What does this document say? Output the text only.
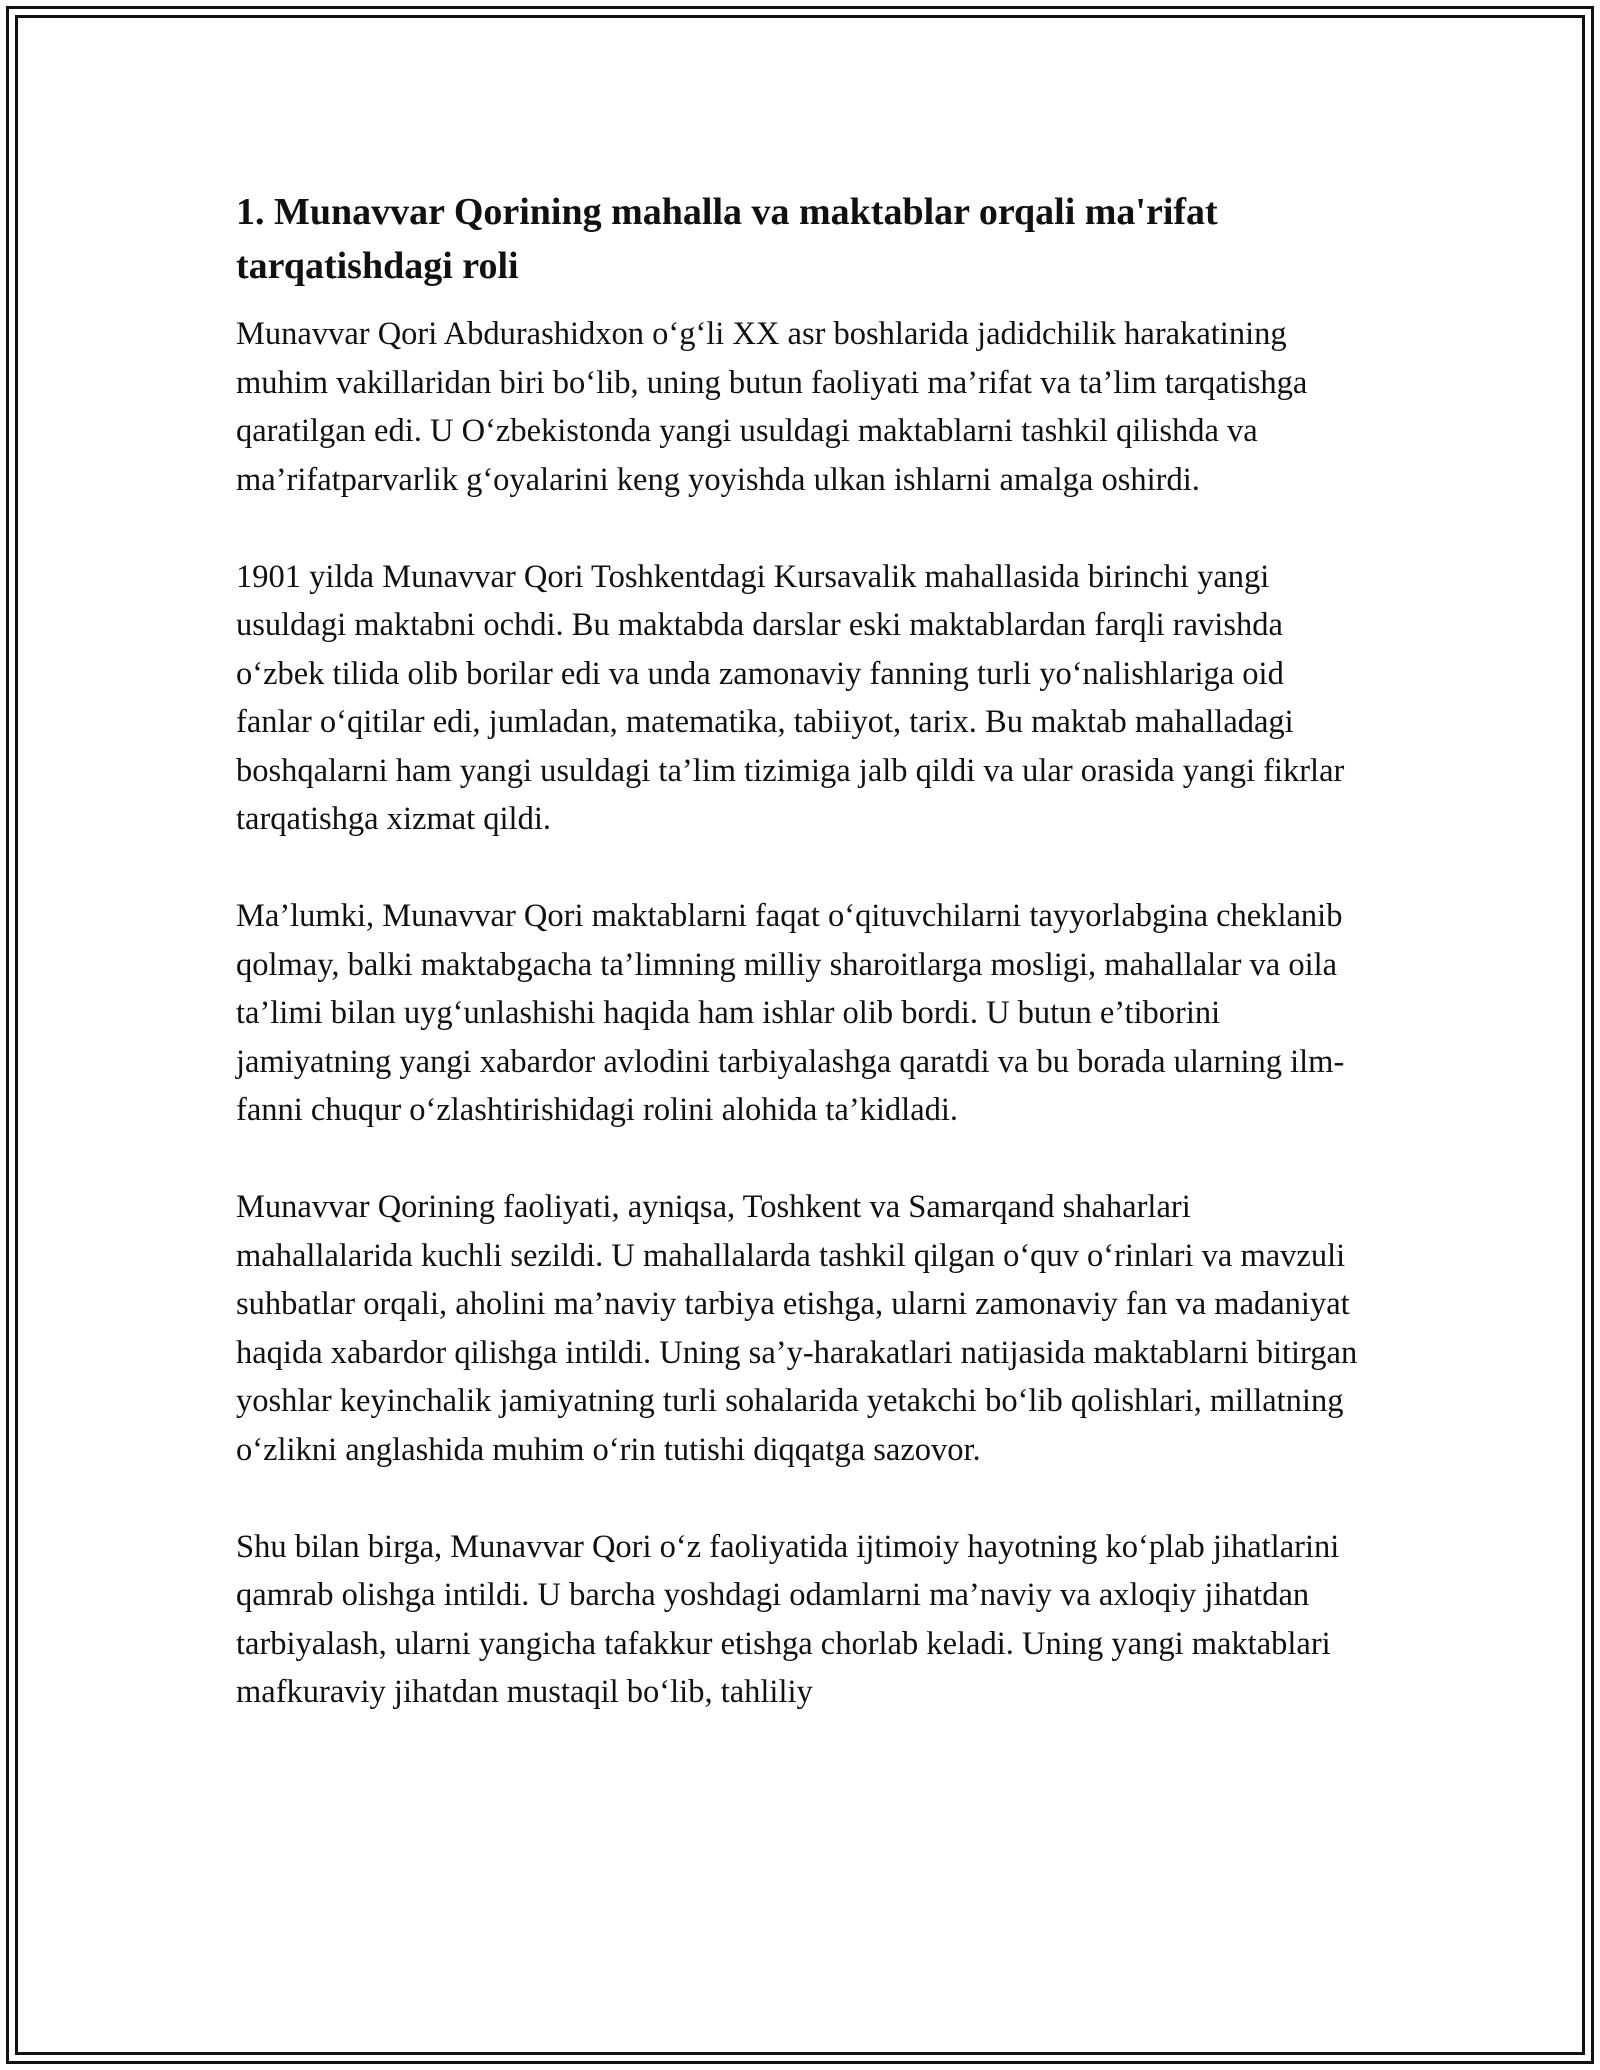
1. Munavvar Qorining mahalla va maktablar orqali ma'rifat tarqatishdagi roli

Munavvar Qori Abdurashidxon o‘g‘li XX asr boshlarida jadidchilik harakatining muhim vakillaridan biri bo‘lib, uning butun faoliyati ma’rifat va ta’lim tarqatishga qaratilgan edi. U O‘zbekistonda yangi usuldagi maktablarni tashkil qilishda va ma’rifatparvarlik g‘oyalarini keng yoyishda ulkan ishlarni amalga oshirdi.

1901 yilda Munavvar Qori Toshkentdagi Kursavalik mahallasida birinchi yangi usuldagi maktabni ochdi. Bu maktabda darslar eski maktablardan farqli ravishda o‘zbek tilida olib borilar edi va unda zamonaviy fanning turli yo‘nalishlariga oid fanlar o‘qitilar edi, jumladan, matematika, tabiiyot, tarix. Bu maktab mahalladagi boshqalarni ham yangi usuldagi ta’lim tizimiga jalb qildi va ular orasida yangi fikrlar tarqatishga xizmat qildi.

Ma’lumki, Munavvar Qori maktablarni faqat o‘qituvchilarni tayyorlabgina cheklanib qolmay, balki maktabgacha ta’limning milliy sharoitlarga mosligi, mahallalar va oila ta’limi bilan uyg‘unlashishi haqida ham ishlar olib bordi. U butun e’tiborini jamiyatning yangi xabardor avlodini tarbiyalashga qaratdi va bu borada ularning ilm-fanni chuqur o‘zlashtirishidagi rolini alohida ta’kidladi.

Munavvar Qorining faoliyati, ayniqsa, Toshkent va Samarqand shaharlari mahallalarida kuchli sezildi. U mahallalarda tashkil qilgan o‘quv o‘rinlari va mavzuli suhbatlar orqali, aholini ma’naviy tarbiya etishga, ularni zamonaviy fan va madaniyat haqida xabardor qilishga intildi. Uning sa’y-harakatlari natijasida maktablarni bitirgan yoshlar keyinchalik jamiyatning turli sohalarida yetakchi bo‘lib qolishlari, millatning o‘zlikni anglashida muhim o‘rin tutishi diqqatga sazovor.

Shu bilan birga, Munavvar Qori o‘z faoliyatida ijtimoiy hayotning ko‘plab jihatlarini qamrab olishga intildi. U barcha yoshdagi odamlarni ma’naviy va axloqiy jihatdan tarbiyalash, ularni yangicha tafakkur etishga chorlab keladi. Uning yangi maktablari mafkuraviy jihatdan mustaqil bo‘lib, tahliliy
